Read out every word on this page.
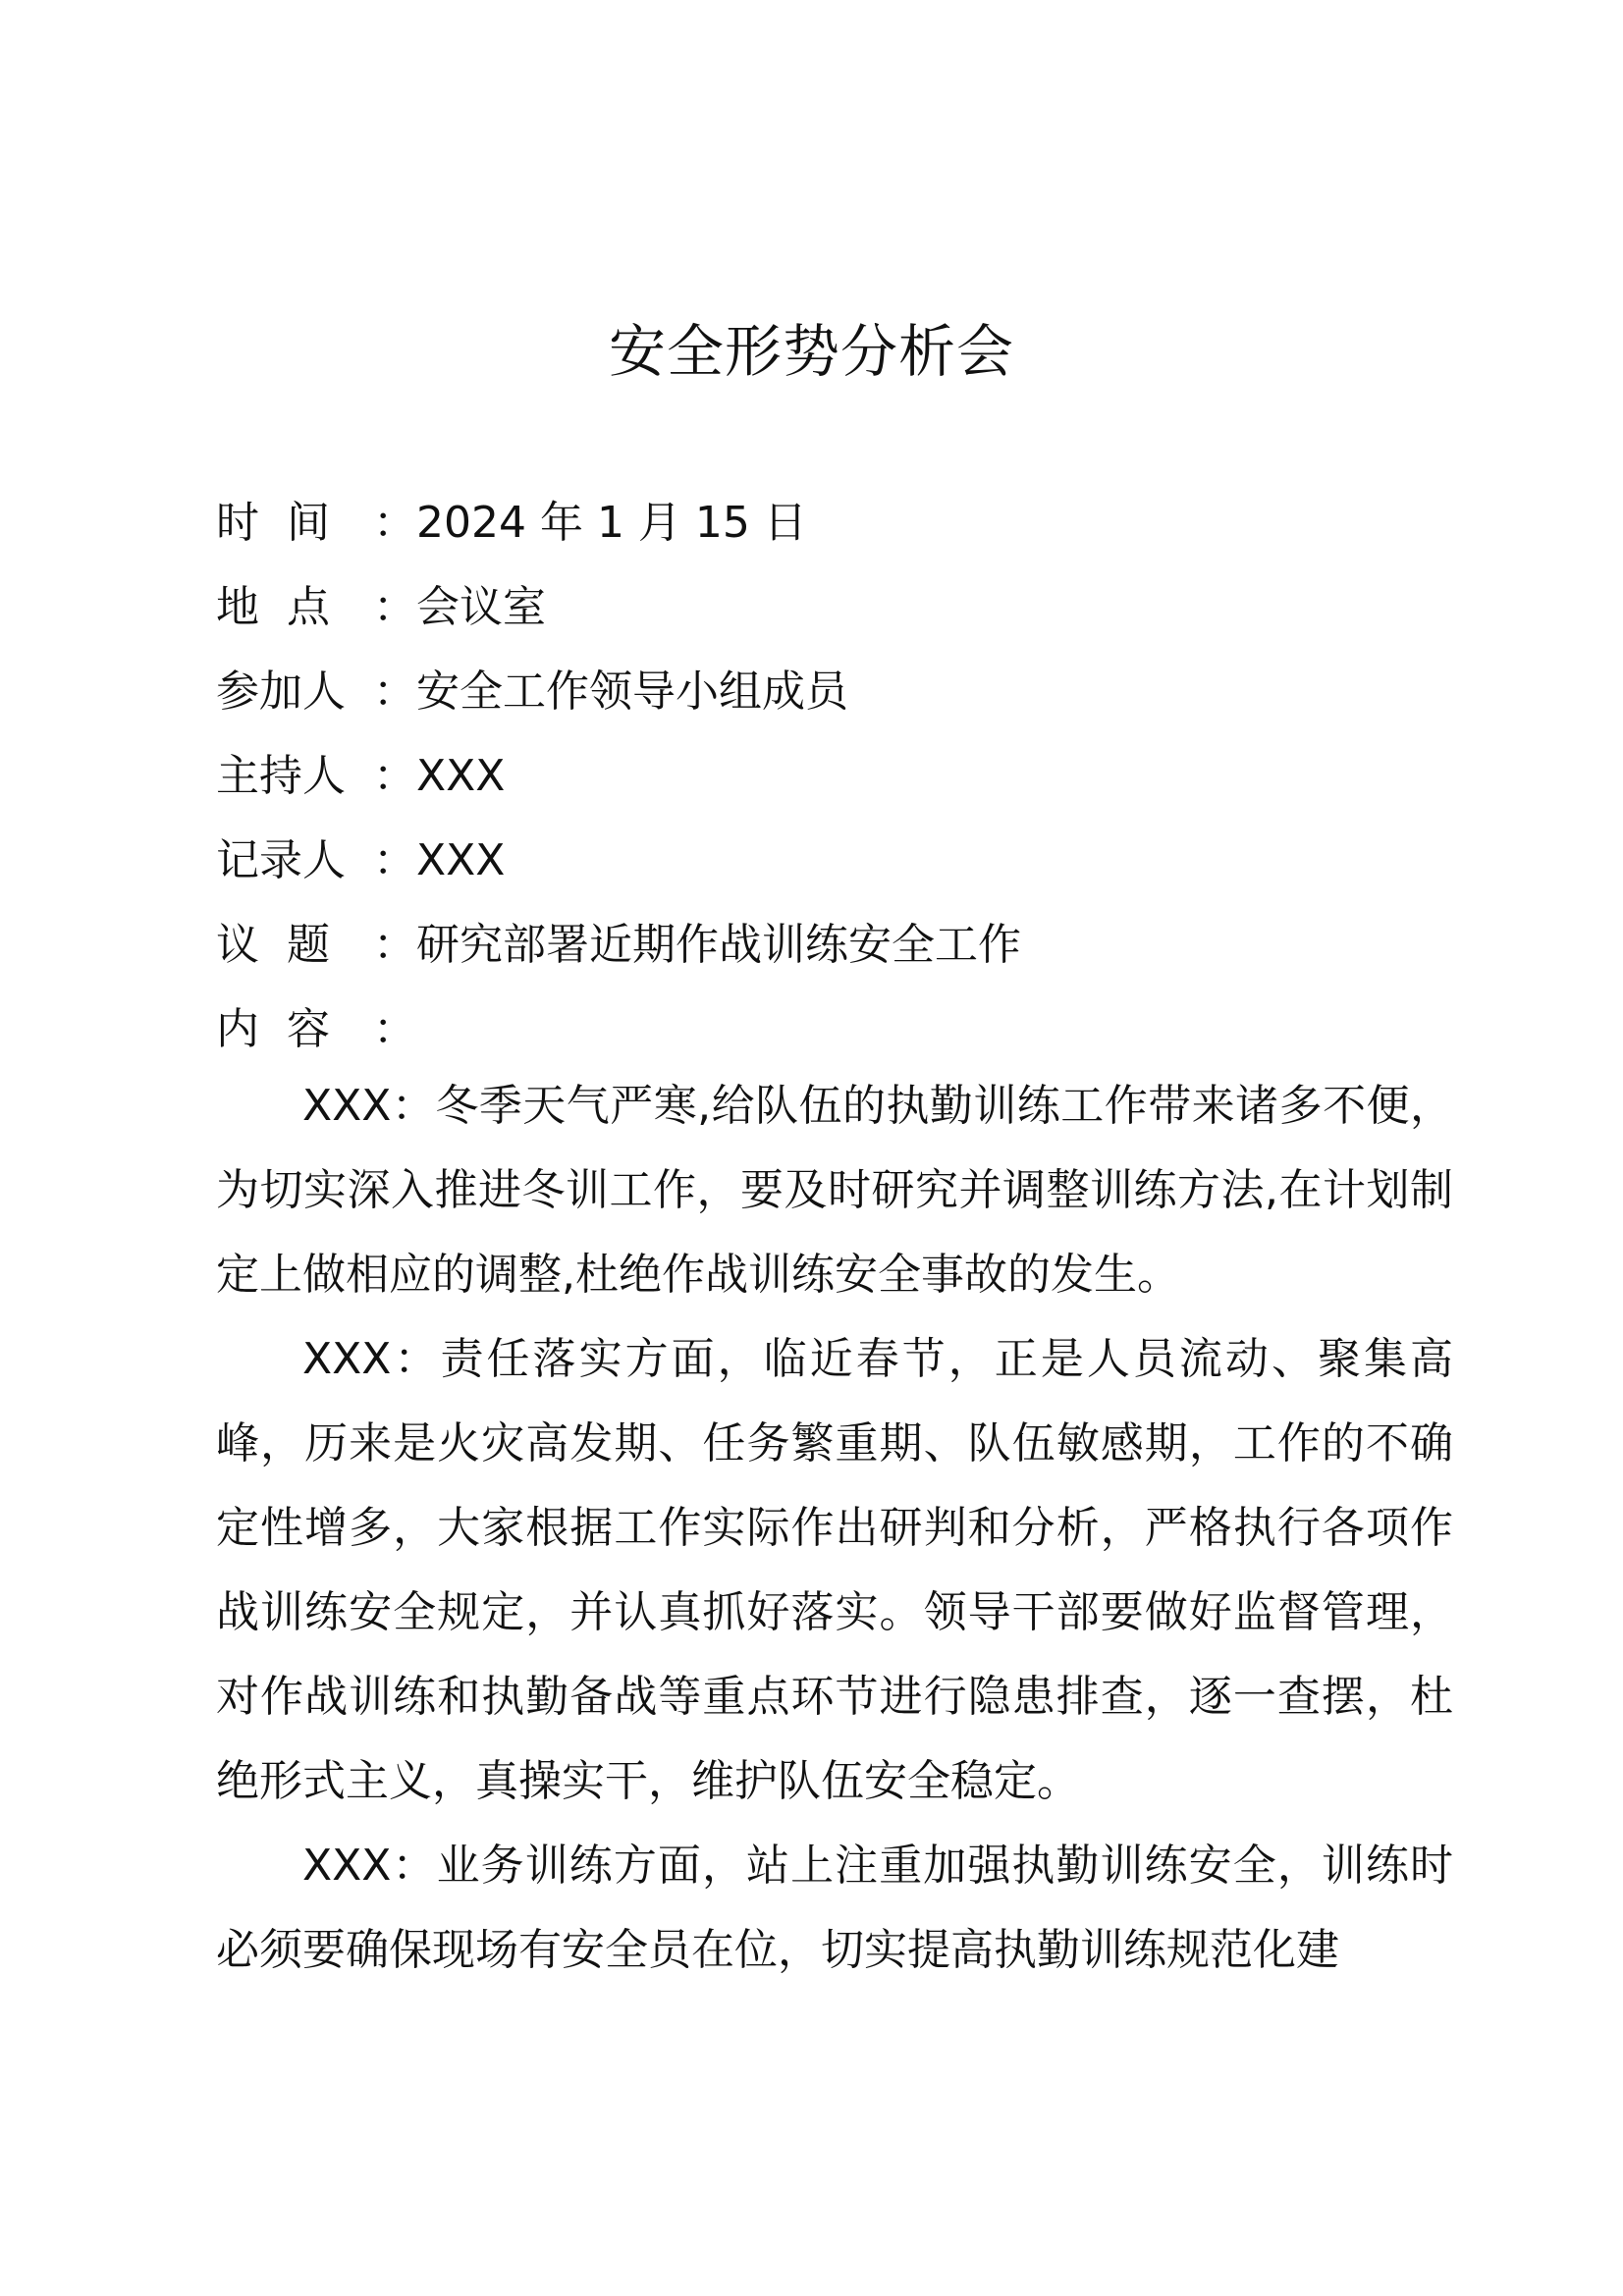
安全形势分析会
时  间 ：2024 年 1 月 15 日
地  点 ：会议室
参加人 ：安全工作领导小组成员
主持人 ：XXX
记录人 ：XXX
议  题 ：研究部署近期作战训练安全工作
内  容 ：

XXX：冬季天气严寒,给队伍的执勤训练工作带来诸多不便，为切实深入推进冬训工作，要及时研究并调整训练方法,在计划制定上做相应的调整,杜绝作战训练安全事故的发生。

XXX：责任落实方面，临近春节，正是人员流动、聚集高峰，历来是火灾高发期、任务繁重期、队伍敏感期，工作的不确定性增多，大家根据工作实际作出研判和分析，严格执行各项作战训练安全规定，并认真抓好落实。领导干部要做好监督管理，对作战训练和执勤备战等重点环节进行隐患排查，逐一查摆，杜绝形式主义，真操实干，维护队伍安全稳定。

XXX：业务训练方面，站上注重加强执勤训练安全，训练时必须要确保现场有安全员在位，切实提高执勤训练规范化建
